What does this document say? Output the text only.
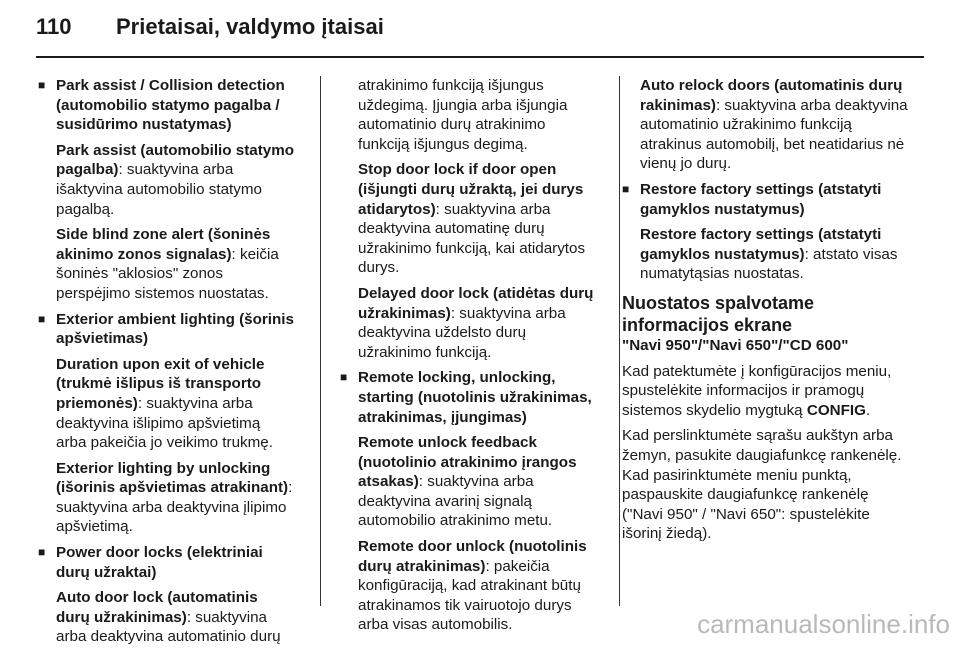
110 Prietaisai, valdymo įtaisai
■ Park assist / Collision detection (automobilio statymo pagalba / susidūrimo nustatymas)
Park assist (automobilio statymo pagalba): suaktyvina arba išaktyvina automobilio statymo pagalbą.
Side blind zone alert (šoninės akinimo zonos signalas): keičia šoninės "aklosios" zonos perspėjimo sistemos nuostatas.
■ Exterior ambient lighting (šorinis apšvietimas)
Duration upon exit of vehicle (trukmė išlipus iš transporto priemonės): suaktyvina arba deaktyvina išlipimo apšvietimą arba pakeičia jo veikimo trukmę.
Exterior lighting by unlocking (išorinis apšvietimas atrakinant): suaktyvina arba deaktyvina įlipimo apšvietimą.
■ Power door locks (elektriniai durų užraktai)
Auto door lock (automatinis durų užrakinimas): suaktyvina arba deaktyvina automatinio durų
atrakinimo funkciją išjungus uždegimą. Įjungia arba išjungia automatinio durų atrakinimo funkciją išjungus degimą.
Stop door lock if door open (išjungti durų užraktą, jei durys atidarytos): suaktyvina arba deaktyvina automatinę durų užrakinimo funkciją, kai atidarytos durys.
Delayed door lock (atidėtas durų užrakinimas): suaktyvina arba deaktyvina uždelsto durų užrakinimo funkciją.
■ Remote locking, unlocking, starting (nuotolinis užrakinimas, atrakinimas, įjungimas)
Remote unlock feedback (nuotolinio atrakinimo įrangos atsakas): suaktyvina arba deaktyvina avarinį signalą automobilio atrakinimo metu.
Remote door unlock (nuotolinis durų atrakinimas): pakeičia konfigūraciją, kad atrakinant būtų atrakinamos tik vairuotojo durys arba visas automobilis.
Auto relock doors (automatinis durų rakinimas): suaktyvina arba deaktyvina automatinio užrakinimo funkciją atrakinus automobilį, bet neatidarius nė vienų jo durų.
■ Restore factory settings (atstatyti gamyklos nustatymus)
Restore factory settings (atstatyti gamyklos nustatymus): atstato visas numatytąsias nuostatas.
Nuostatos spalvotame informacijos ekrane
"Navi 950"/"Navi 650"/"CD 600"
Kad patektumėte į konfigūracijos meniu, spustelėkite informacijos ir pramogų sistemos skydelio mygtuką CONFIG.
Kad perslinktumėte sąrašu aukštyn arba žemyn, pasukite daugiafunkcę rankenėlę. Kad pasirinktumėte meniu punktą, paspauskite daugiafunkcę rankenėlę ("Navi 950" / "Navi 650": spustelėkite išorinį žiedą).
carmanualsonline.info
